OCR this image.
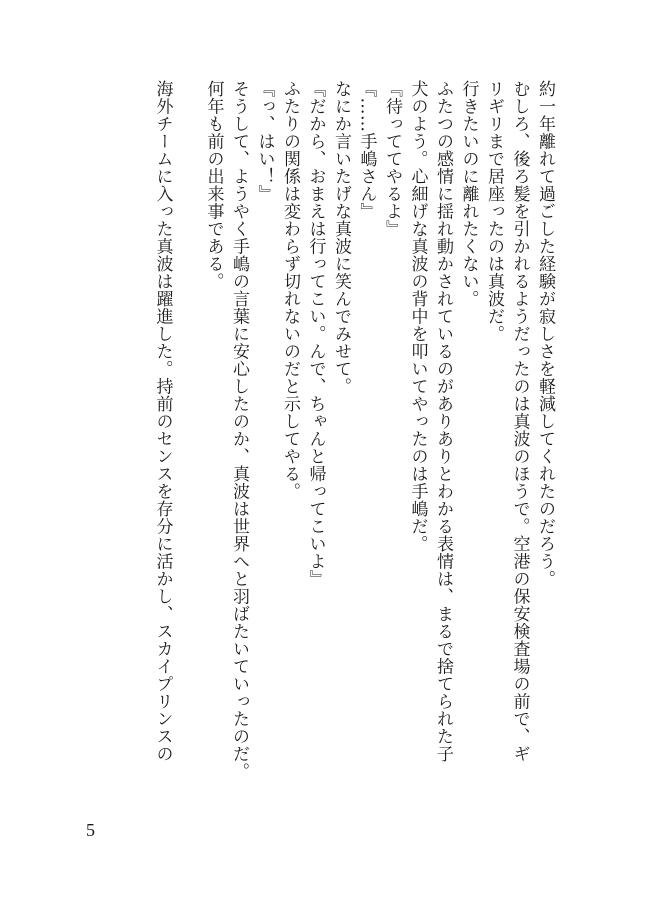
約一年離れて過ごした経験が寂しさを軽減してくれたのだろう。
むしろ、後ろ髪を引かれるようだったのは真波のほうで。空港の保安検査場の前で、ギ
リギリまで居座ったのは真波だ。
行きたいのに離れたくない。
ふたつの感情に揺れ動かされているのがありありとわかる表情は、まるで捨てられた子
犬のよう。心細げな真波の背中を叩いてやったのは手嶋だ。
『待っててやるよ』
『……手嶋さん』
なにか言いたげな真波に笑んでみせて。
『だから、おまえは行ってこい。んで、ちゃんと帰ってこいよ』
ふたりの関係は変わらず切れないのだと示してやる。
『っ、はい！』
そうして、ようやく手嶋の言葉に安心したのか、真波は世界へと羽ばたいていったのだ。
何年も前の出来事である。
海外チームに入った真波は躍進した。持前のセンスを存分に活かし、スカイプリンスの
5
